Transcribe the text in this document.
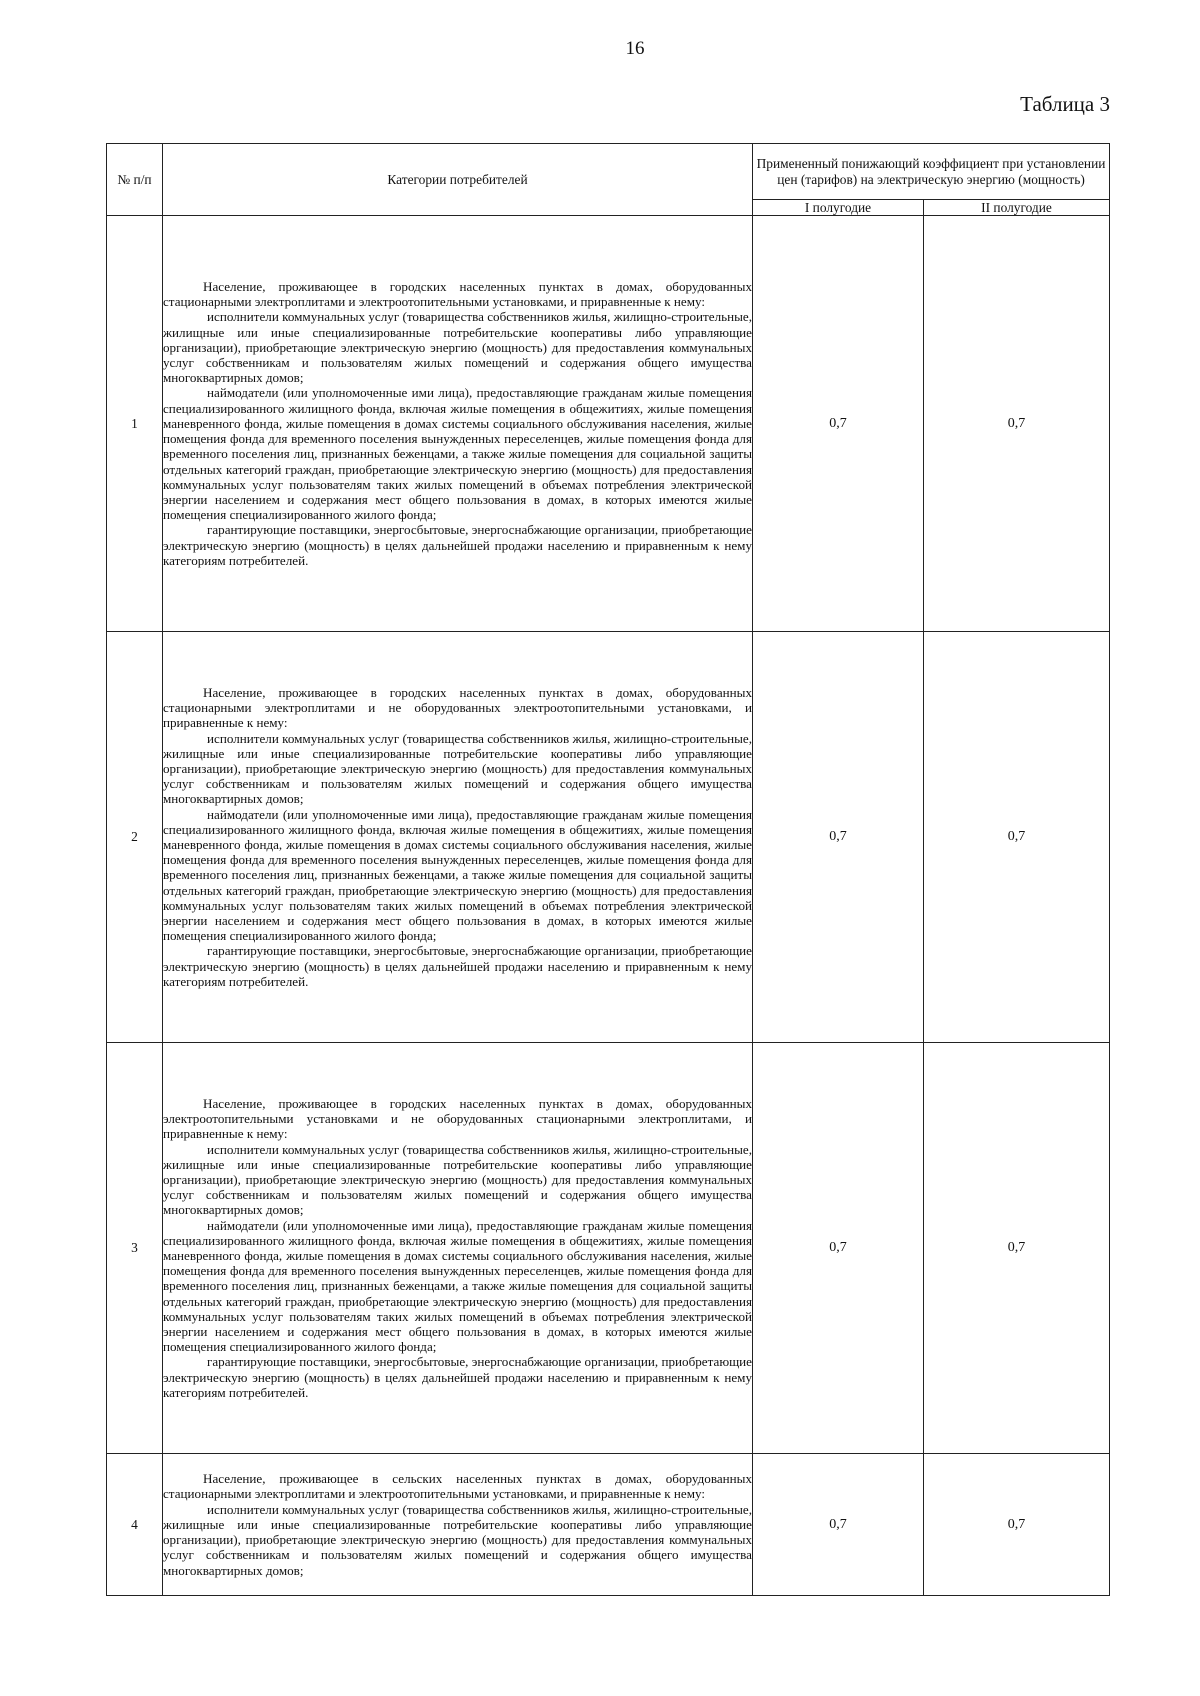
16
Таблица 3
№ п/п	Категории потребителей	Примененный понижающий коэффициент при установлении цен (тарифов) на электрическую энергию (мощность)	
		I полугодие	II полугодие
1	Население, проживающее в городских населенных пунктах в домах, оборудованных стационарными электроплитами и электроотопительными установками, и приравненные к нему:

исполнители коммунальных услуг (товарищества собственников жилья, жилищно-строительные, жилищные или иные специализированные потребительские кооперативы либо управляющие организации), приобретающие электрическую энергию (мощность) для предоставления коммунальных услуг собственникам и пользователям жилых помещений и содержания общего имущества многоквартирных домов;

наймодатели (или уполномоченные ими лица), предоставляющие гражданам жилые помещения специализированного жилищного фонда, включая жилые помещения в общежитиях, жилые помещения маневренного фонда, жилые помещения в домах системы социального обслуживания населения, жилые помещения фонда для временного поселения вынужденных переселенцев, жилые помещения фонда для временного поселения лиц, признанных беженцами, а также жилые помещения для социальной защиты отдельных категорий граждан, приобретающие электрическую энергию (мощность) для предоставления коммунальных услуг пользователям таких жилых помещений в объемах потребления электрической энергии населением и содержания мест общего пользования в домах, в которых имеются жилые помещения специализированного жилого фонда;

гарантирующие поставщики, энергосбытовые, энергоснабжающие организации, приобретающие электрическую энергию (мощность) в целях дальнейшей продажи населению и приравненным к нему категориям потребителей.	0,7	0,7
2	Население, проживающее в городских населенных пунктах в домах, оборудованных стационарными электроплитами и не оборудованных электроотопительными установками, и приравненные к нему:

исполнители коммунальных услуг (товарищества собственников жилья, жилищно-строительные, жилищные или иные специализированные потребительские кооперативы либо управляющие организации), приобретающие электрическую энергию (мощность) для предоставления коммунальных услуг собственникам и пользователям жилых помещений и содержания общего имущества многоквартирных домов;

наймодатели (или уполномоченные ими лица), предоставляющие гражданам жилые помещения специализированного жилищного фонда, включая жилые помещения в общежитиях, жилые помещения маневренного фонда, жилые помещения в домах системы социального обслуживания населения, жилые помещения фонда для временного поселения вынужденных переселенцев, жилые помещения фонда для временного поселения лиц, признанных беженцами, а также жилые помещения для социальной защиты отдельных категорий граждан, приобретающие электрическую энергию (мощность) для предоставления коммунальных услуг пользователям таких жилых помещений в объемах потребления электрической энергии населением и содержания мест общего пользования в домах, в которых имеются жилые помещения специализированного жилого фонда;

гарантирующие поставщики, энергосбытовые, энергоснабжающие организации, приобретающие электрическую энергию (мощность) в целях дальнейшей продажи населению и приравненным к нему категориям потребителей.	0,7	0,7
3	Население, проживающее в городских населенных пунктах в домах, оборудованных электроотопительными установками и не оборудованных стационарными электроплитами, и приравненные к нему:

исполнители коммунальных услуг (товарищества собственников жилья, жилищно-строительные, жилищные или иные специализированные потребительские кооперативы либо управляющие организации), приобретающие электрическую энергию (мощность) для предоставления коммунальных услуг собственникам и пользователям жилых помещений и содержания общего имущества многоквартирных домов;

наймодатели (или уполномоченные ими лица), предоставляющие гражданам жилые помещения специализированного жилищного фонда, включая жилые помещения в общежитиях, жилые помещения маневренного фонда, жилые помещения в домах системы социального обслуживания населения, жилые помещения фонда для временного поселения вынужденных переселенцев, жилые помещения фонда для временного поселения лиц, признанных беженцами, а также жилые помещения для социальной защиты отдельных категорий граждан, приобретающие электрическую энергию (мощность) для предоставления коммунальных услуг пользователям таких жилых помещений в объемах потребления электрической энергии населением и содержания мест общего пользования в домах, в которых имеются жилые помещения специализированного жилого фонда;

гарантирующие поставщики, энергосбытовые, энергоснабжающие организации, приобретающие электрическую энергию (мощность) в целях дальнейшей продажи населению и приравненным к нему категориям потребителей.	0,7	0,7
4	Население, проживающее в сельских населенных пунктах в домах, оборудованных стационарными электроплитами и электроотопительными установками, и приравненные к нему:

исполнители коммунальных услуг (товарищества собственников жилья, жилищно-строительные, жилищные или иные специализированные потребительские кооперативы либо управляющие организации), приобретающие электрическую энергию (мощность) для предоставления коммунальных услуг собственникам и пользователям жилых помещений и содержания общего имущества многоквартирных домов;	0,7	0,7
